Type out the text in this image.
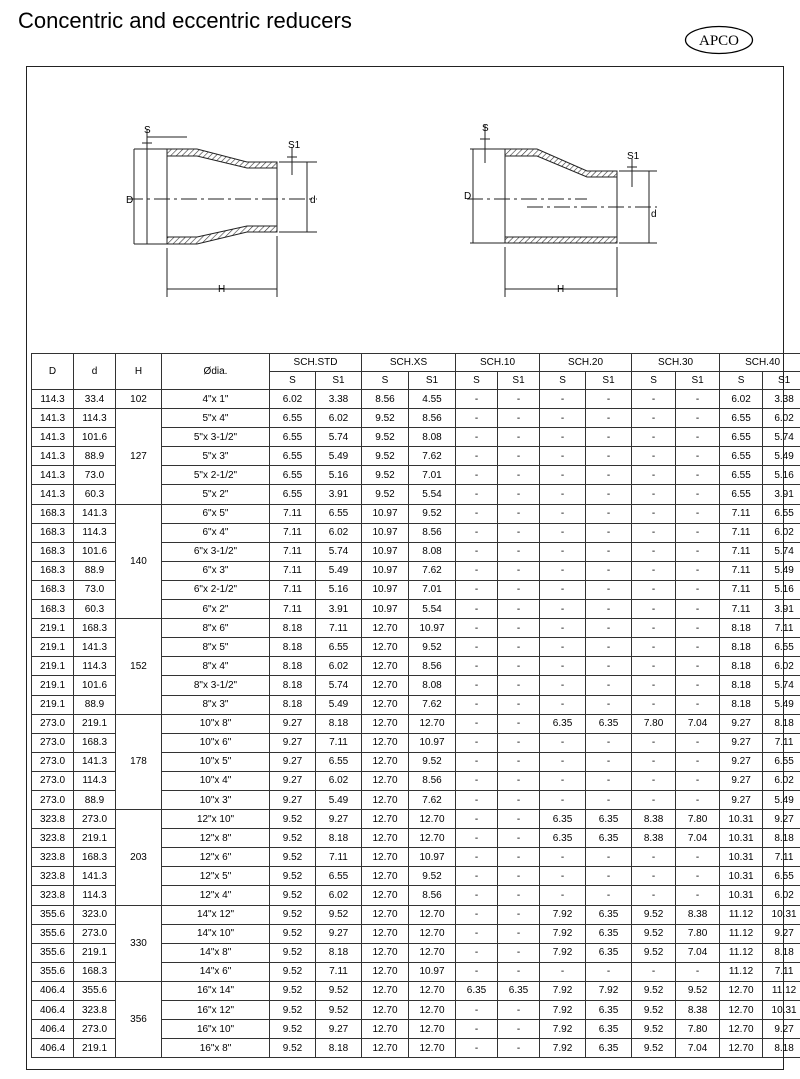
Concentric and eccentric reducers
APCO
S
S1
D	d
H
S
S1
D
d
H
D	d	H	Ødia.	SCH.STD		SCH.XS		SCH.10		SCH.20		SCH.30		SCH.40	
				S	S1	S	S1	S	S1	S	S1	S	S1	S	S1
114.3	33.4	102	4"x 1"	6.02	3.38	8.56	4.55	-	-	-	-	-	-	6.02	3.38
141.3	114.3	127	5"x 4"	6.55	6.02	9.52	8.56	-	-	-	-	-	-	6.55	6.02
141.3	101.6		5"x 3-1/2"	6.55	5.74	9.52	8.08	-	-	-	-	-	-	6.55	5.74
141.3	88.9		5"x 3"	6.55	5.49	9.52	7.62	-	-	-	-	-	-	6.55	5.49
141.3	73.0		5"x 2-1/2"	6.55	5.16	9.52	7.01	-	-	-	-	-	-	6.55	5.16
141.3	60.3		5"x 2"	6.55	3.91	9.52	5.54	-	-	-	-	-	-	6.55	3.91
168.3	141.3	140	6"x 5"	7.11	6.55	10.97	9.52	-	-	-	-	-	-	7.11	6.55
168.3	114.3		6"x 4"	7.11	6.02	10.97	8.56	-	-	-	-	-	-	7.11	6.02
168.3	101.6		6"x 3-1/2"	7.11	5.74	10.97	8.08	-	-	-	-	-	-	7.11	5.74
168.3	88.9		6"x 3"	7.11	5.49	10.97	7.62	-	-	-	-	-	-	7.11	5.49
168.3	73.0		6"x 2-1/2"	7.11	5.16	10.97	7.01	-	-	-	-	-	-	7.11	5.16
168.3	60.3		6"x 2"	7.11	3.91	10.97	5.54	-	-	-	-	-	-	7.11	3.91
219.1	168.3	152	8"x 6"	8.18	7.11	12.70	10.97	-	-	-	-	-	-	8.18	7.11
219.1	141.3		8"x 5"	8.18	6.55	12.70	9.52	-	-	-	-	-	-	8.18	6.55
219.1	114.3		8"x 4"	8.18	6.02	12.70	8.56	-	-	-	-	-	-	8.18	6.02
219.1	101.6		8"x 3-1/2"	8.18	5.74	12.70	8.08	-	-	-	-	-	-	8.18	5.74
219.1	88.9		8"x 3"	8.18	5.49	12.70	7.62	-	-	-	-	-	-	8.18	5.49
273.0	219.1	178	10"x 8"	9.27	8.18	12.70	12.70	-	-	6.35	6.35	7.80	7.04	9.27	8.18
273.0	168.3		10"x 6"	9.27	7.11	12.70	10.97	-	-	-	-	-	-	9.27	7.11
273.0	141.3		10"x 5"	9.27	6.55	12.70	9.52	-	-	-	-	-	-	9.27	6.55
273.0	114.3		10"x 4"	9.27	6.02	12.70	8.56	-	-	-	-	-	-	9.27	6.02
273.0	88.9		10"x 3"	9.27	5.49	12.70	7.62	-	-	-	-	-	-	9.27	5.49
323.8	273.0	203	12"x 10"	9.52	9.27	12.70	12.70	-	-	6.35	6.35	8.38	7.80	10.31	9.27
323.8	219.1		12"x 8"	9.52	8.18	12.70	12.70	-	-	6.35	6.35	8.38	7.04	10.31	8.18
323.8	168.3		12"x 6"	9.52	7.11	12.70	10.97	-	-	-	-	-	-	10.31	7.11
323.8	141.3		12"x 5"	9.52	6.55	12.70	9.52	-	-	-	-	-	-	10.31	6.55
323.8	114.3		12"x 4"	9.52	6.02	12.70	8.56	-	-	-	-	-	-	10.31	6.02
355.6	323.0	330	14"x 12"	9.52	9.52	12.70	12.70	-	-	7.92	6.35	9.52	8.38	11.12	10.31
355.6	273.0		14"x 10"	9.52	9.27	12.70	12.70	-	-	7.92	6.35	9.52	7.80	11.12	9.27
355.6	219.1		14"x 8"	9.52	8.18	12.70	12.70	-	-	7.92	6.35	9.52	7.04	11.12	8.18
355.6	168.3		14"x 6"	9.52	7.11	12.70	10.97	-	-	-	-	-	-	11.12	7.11
406.4	355.6	356	16"x 14"	9.52	9.52	12.70	12.70	6.35	6.35	7.92	7.92	9.52	9.52	12.70	11.12
406.4	323.8		16"x 12"	9.52	9.52	12.70	12.70	-	-	7.92	6.35	9.52	8.38	12.70	10.31
406.4	273.0		16"x 10"	9.52	9.27	12.70	12.70	-	-	7.92	6.35	9.52	7.80	12.70	9.27
406.4	219.1		16"x 8"	9.52	8.18	12.70	12.70	-	-	7.92	6.35	9.52	7.04	12.70	8.18
